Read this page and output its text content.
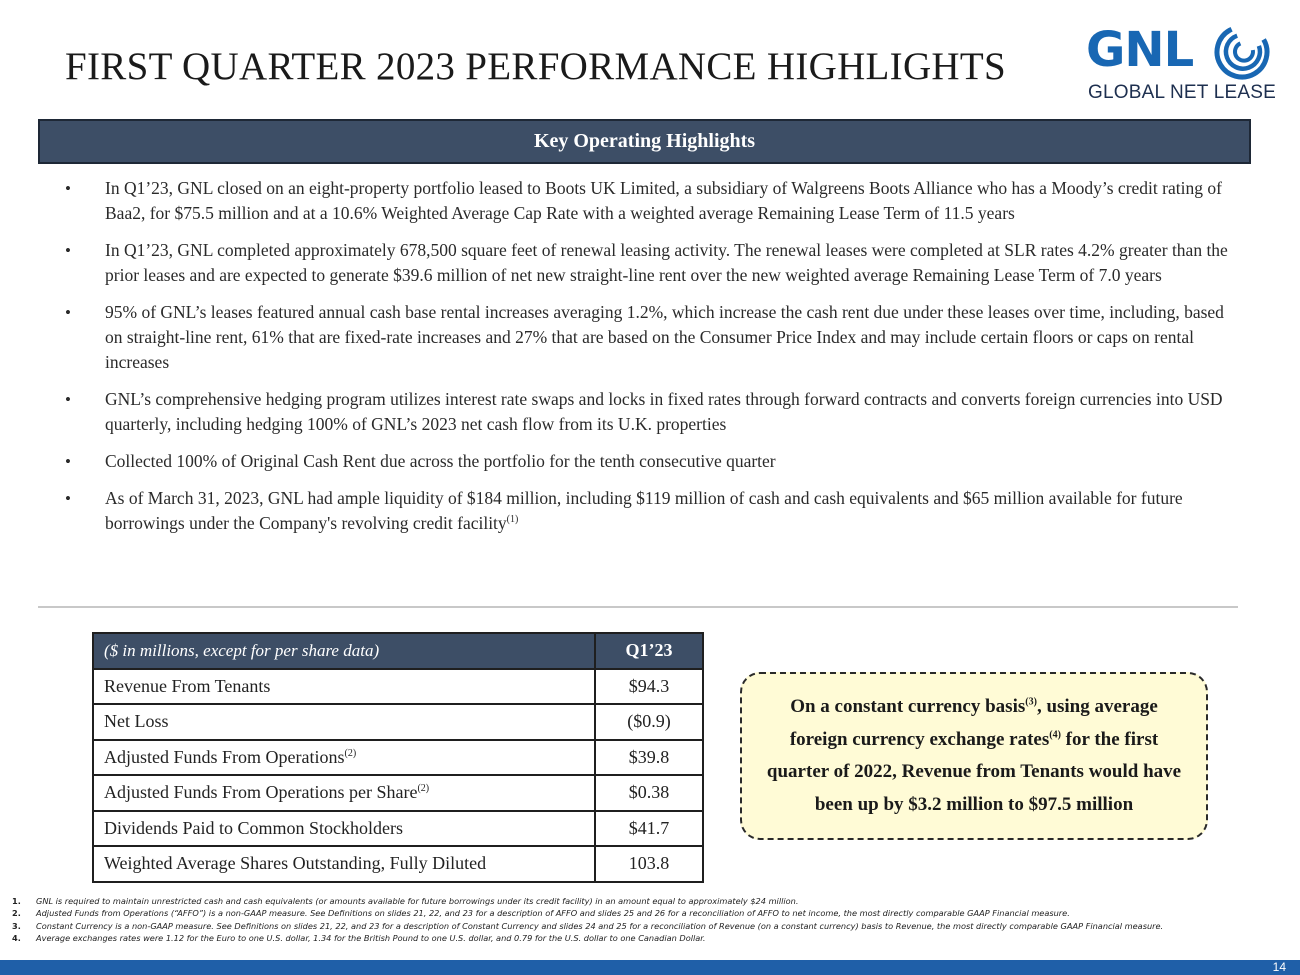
FIRST QUARTER 2023 PERFORMANCE HIGHLIGHTS GNL
GLOBAL NET LEASE
Key Operating Highlights
• In Q1’23, GNL closed on an eight-property portfolio leased to Boots UK Limited, a subsidiary of Walgreens Boots Alliance who has a Moody’s credit rating of Baa2, for $75.5 million and at a 10.6% Weighted Average Cap Rate with a weighted average Remaining Lease Term of 11.5 years
• In Q1’23, GNL completed approximately 678,500 square feet of renewal leasing activity. The renewal leases were completed at SLR rates 4.2% greater than the prior leases and are expected to generate $39.6 million of net new straight-line rent over the new weighted average Remaining Lease Term of 7.0 years
• 95% of GNL’s leases featured annual cash base rental increases averaging 1.2%, which increase the cash rent due under these leases over time, including, based on straight-line rent, 61% that are fixed-rate increases and 27% that are based on the Consumer Price Index and may include certain floors or caps on rental increases
• GNL’s comprehensive hedging program utilizes interest rate swaps and locks in fixed rates through forward contracts and converts foreign currencies into USD quarterly, including hedging 100% of GNL’s 2023 net cash flow from its U.K. properties
• Collected 100% of Original Cash Rent due across the portfolio for the tenth consecutive quarter
• As of March 31, 2023, GNL had ample liquidity of $184 million, including $119 million of cash and cash equivalents and $65 million available for future borrowings under the Company's revolving credit facility$^{(1)}$
($ in millions, except for per share data)	Q1’23
Revenue From Tenants	$94.3
Net Loss	($0.9)
Adjusted Funds From Operations$^{(2)}$	$39.8
Adjusted Funds From Operations per Share$^{(2)}$	$0.38
Dividends Paid to Common Stockholders	$41.7
Weighted Average Shares Outstanding, Fully Diluted	103.8

On a constant currency basis$^{(3)}$, using average foreign currency exchange rates$^{(4)}$ for the first quarter of 2022, Revenue from Tenants would have been up by $3.2 million to $97.5 million

1. GNL is required to maintain unrestricted cash and cash equivalents (or amounts available for future borrowings under its credit facility) in an amount equal to approximately $24 million.
2. Adjusted Funds from Operations (“AFFO”) is a non-GAAP measure. See Definitions on slides 21, 22, and 23 for a description of AFFO and slides 25 and 26 for a reconciliation of AFFO to net income, the most directly comparable GAAP Financial measure.
3. Constant Currency is a non-GAAP measure. See Definitions on slides 21, 22, and 23 for a description of Constant Currency and slides 24 and 25 for a reconciliation of Revenue (on a constant currency) basis to Revenue, the most directly comparable GAAP Financial measure.
4. Average exchanges rates were 1.12 for the Euro to one U.S. dollar, 1.34 for the British Pound to one U.S. dollar, and 0.79 for the U.S. dollar to one Canadian Dollar.
14
